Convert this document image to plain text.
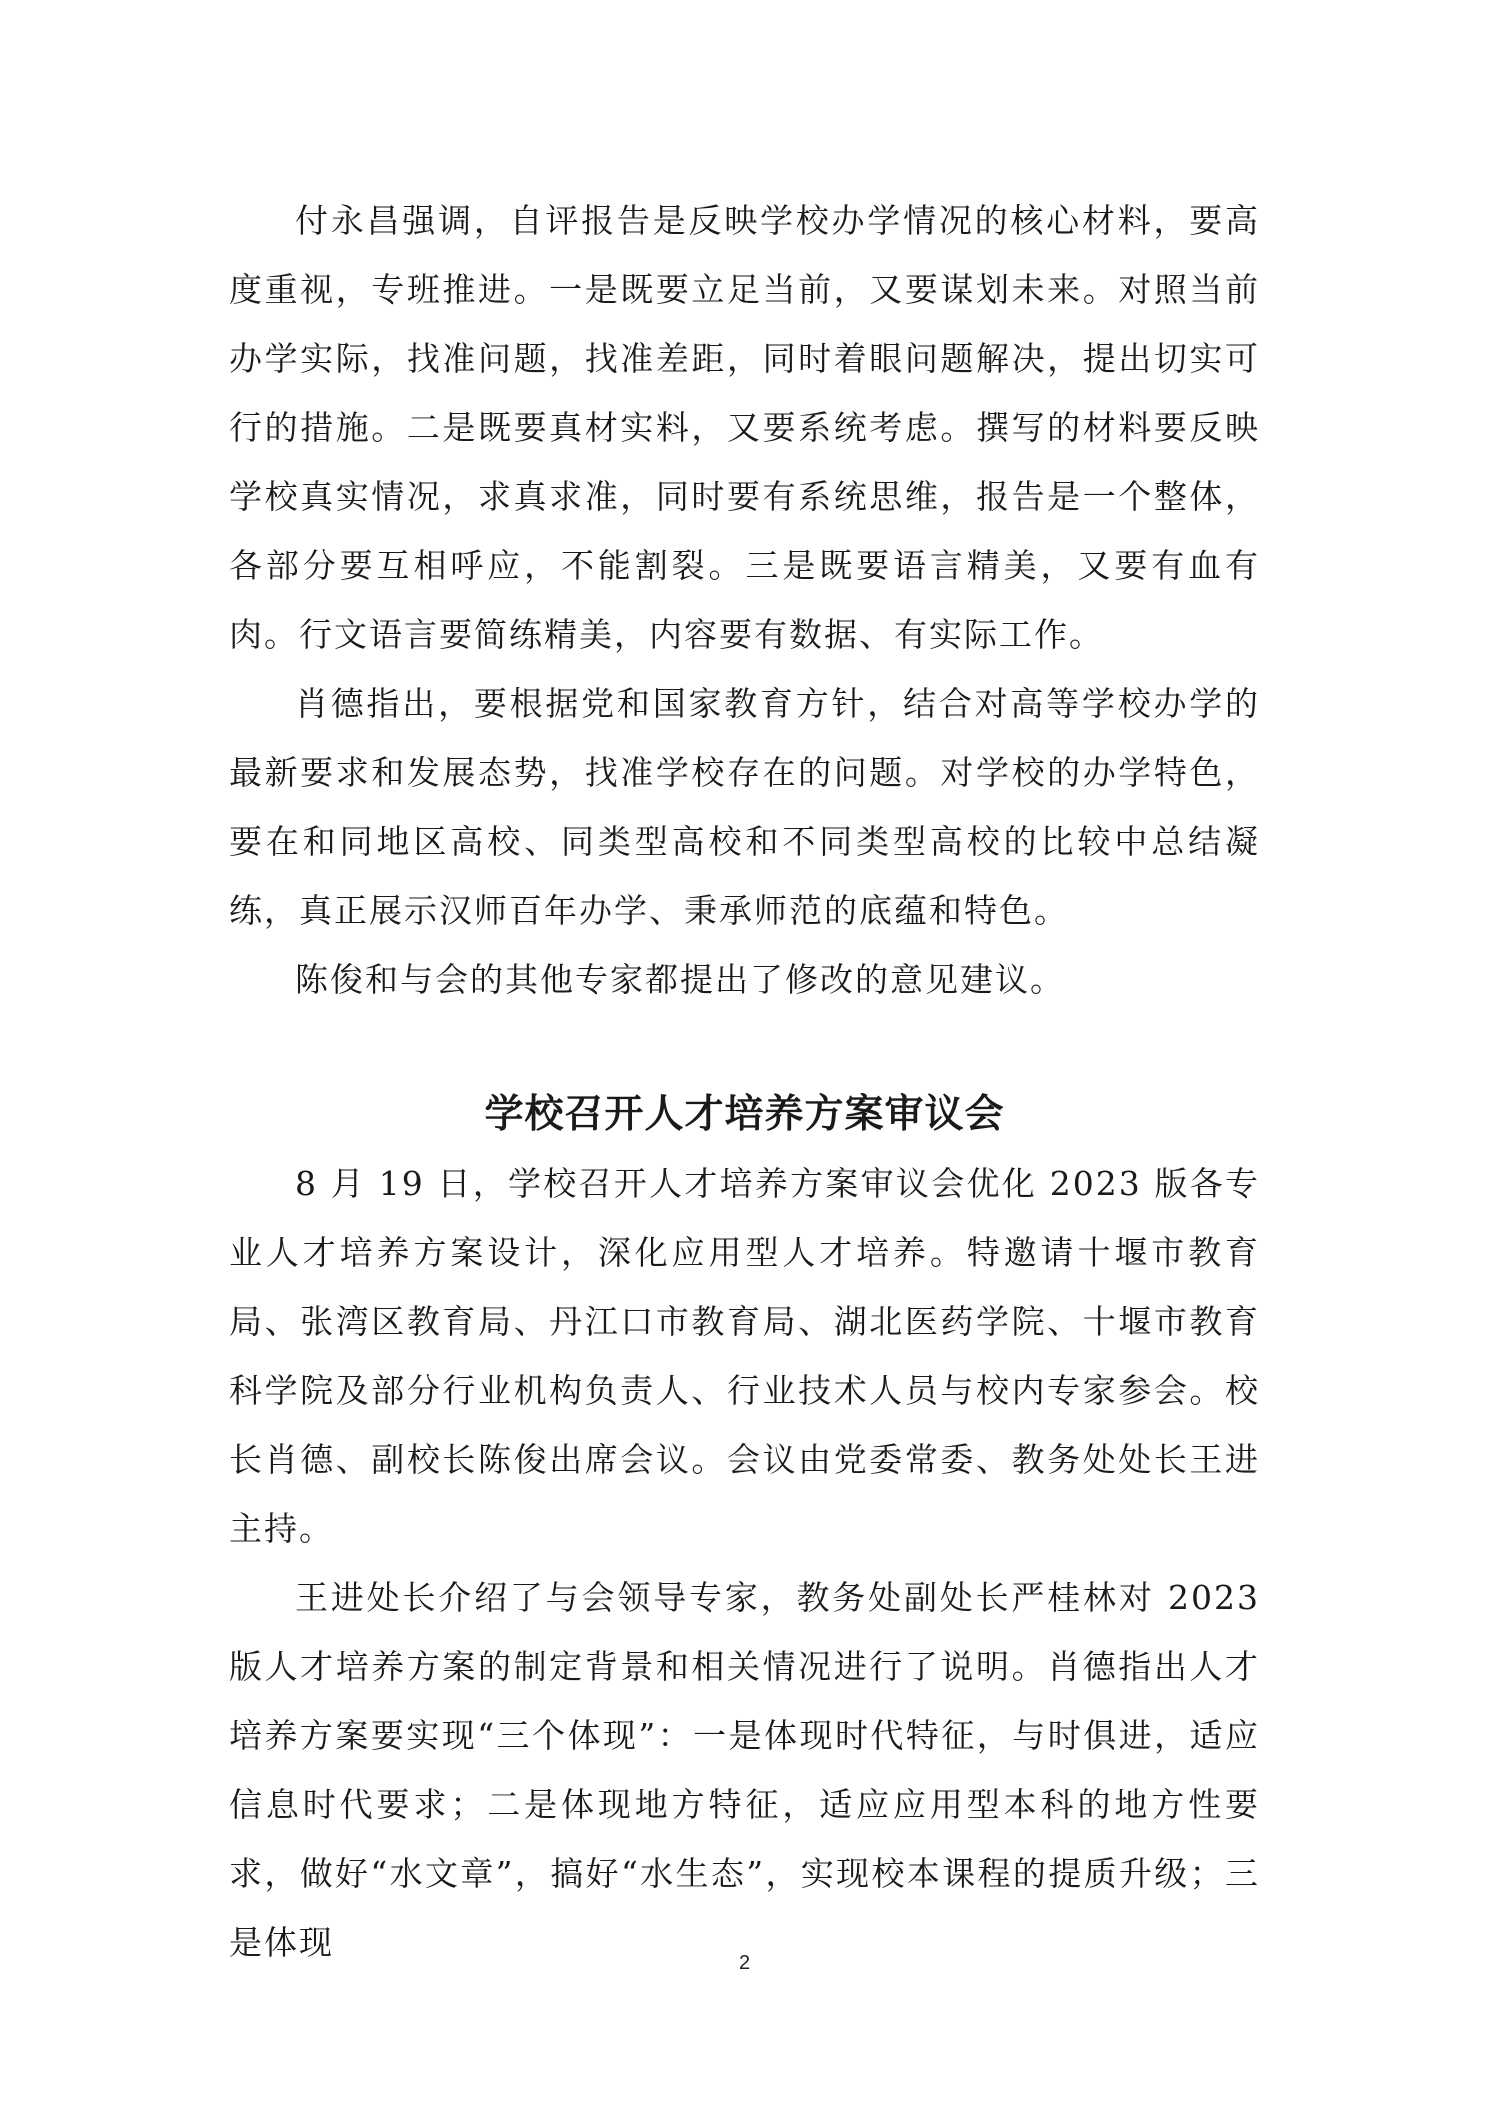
付永昌强调，自评报告是反映学校办学情况的核心材料，要高度重视，专班推进。一是既要立足当前，又要谋划未来。对照当前办学实际，找准问题，找准差距，同时着眼问题解决，提出切实可行的措施。二是既要真材实料，又要系统考虑。撰写的材料要反映学校真实情况，求真求准，同时要有系统思维，报告是一个整体，各部分要互相呼应，不能割裂。三是既要语言精美，又要有血有肉。行文语言要简练精美，内容要有数据、有实际工作。

肖德指出，要根据党和国家教育方针，结合对高等学校办学的最新要求和发展态势，找准学校存在的问题。对学校的办学特色，要在和同地区高校、同类型高校和不同类型高校的比较中总结凝练，真正展示汉师百年办学、秉承师范的底蕴和特色。

陈俊和与会的其他专家都提出了修改的意见建议。

学校召开人才培养方案审议会

8 月 19 日，学校召开人才培养方案审议会优化 2023 版各专业人才培养方案设计，深化应用型人才培养。特邀请十堰市教育局、张湾区教育局、丹江口市教育局、湖北医药学院、十堰市教育科学院及部分行业机构负责人、行业技术人员与校内专家参会。校长肖德、副校长陈俊出席会议。会议由党委常委、教务处处长王进主持。

王进处长介绍了与会领导专家，教务处副处长严桂林对 2023 版人才培养方案的制定背景和相关情况进行了说明。肖德指出人才培养方案要实现“三个体现”：一是体现时代特征，与时俱进，适应信息时代要求；二是体现地方特征，适应应用型本科的地方性要求，做好“水文章”，搞好“水生态”，实现校本课程的提质升级；三是体现

2
